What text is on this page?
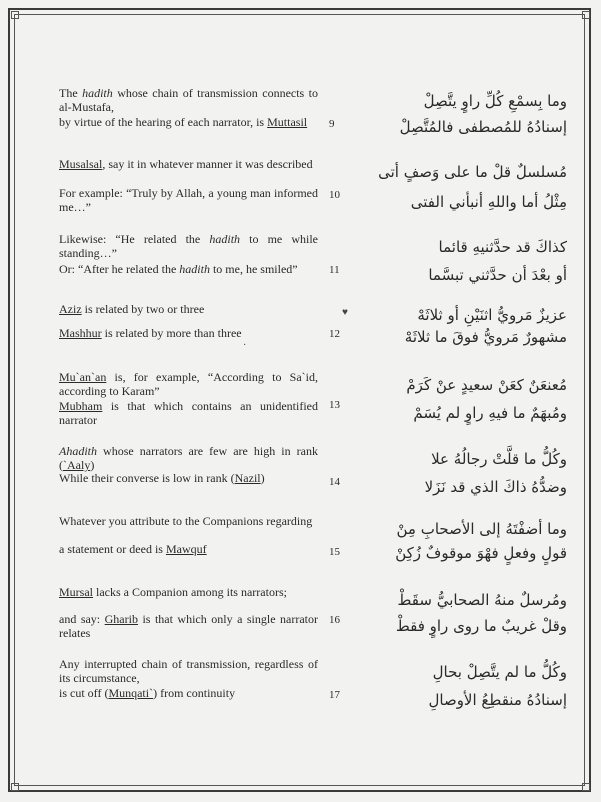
The hadith whose chain of transmission connects to al-Mustafa,

by virtue of the hearing of each narrator, is Muttasil	9

وما بِسمْعِ كُلِّ راوٍ يتَّصِلْ

إسنادُهُ للمُصطفى فالمُتَّصِلْ

Musalsal, say it in whatever manner it was described

For example: “Truly by Allah, a young man informed me…”

10

مُسلسلٌ قلْ ما على وَصفٍ أتى

مِثْلُ أما واللهِ أنبأني الفتى

Likewise: “He related the hadith to me while standing…”

Or: “After he related the hadith to me, he smiled”	11

كذاكَ قد حدَّثنيهِ قائما

أو بعْدَ أن حدَّثني تبسَّما

Aziz is related by two or three

Mashhur is related by more than three	12

عزيزٌ مَرويُّ اثنَيْنِ أو ثلاثَهْ

مشهورٌ مَرويُّ فوقَ ما ثلاثَهْ

Mu`an`an is, for example, “According to Sa`id, according to Karam”

Mubham is that which contains an unidentified narrator

13

مُعنعَنٌ كعَنْ سعيدٍ عنْ كَرَمْ

ومُبهَمٌ ما فيهِ راوٍ لم يُسَمْ

Ahadith whose narrators are few are high in rank (`Aaly)

While their converse is low in rank (Nazil)	14

وكُلُّ ما قلَّتْ رجالُهُ علا

وضدُّهُ ذاكَ الذي قد نَزَلا

Whatever you attribute to the Companions regarding

a statement or deed is Mawquf	15

وما أضفْتَهُ إلى الأصحابِ مِنْ

قولٍ وفعلٍ فهْوَ موقوفٌ زُكِنْ

Mursal lacks a Companion among its narrators;

and say: Gharib is that which only a single narrator relates

16

ومُرسلٌ منهُ الصحابيُّ سقَطْ

وقلْ غريبٌ ما روى راوٍ فقطْ

Any interrupted chain of transmission, regardless of its circumstance,

is cut off (Munqati`) from continuity	17

وكُلُّ ما لم يتَّصِلْ بحالِ

إسنادُهُ منقطِعُ الأوصالِ

♥
·
